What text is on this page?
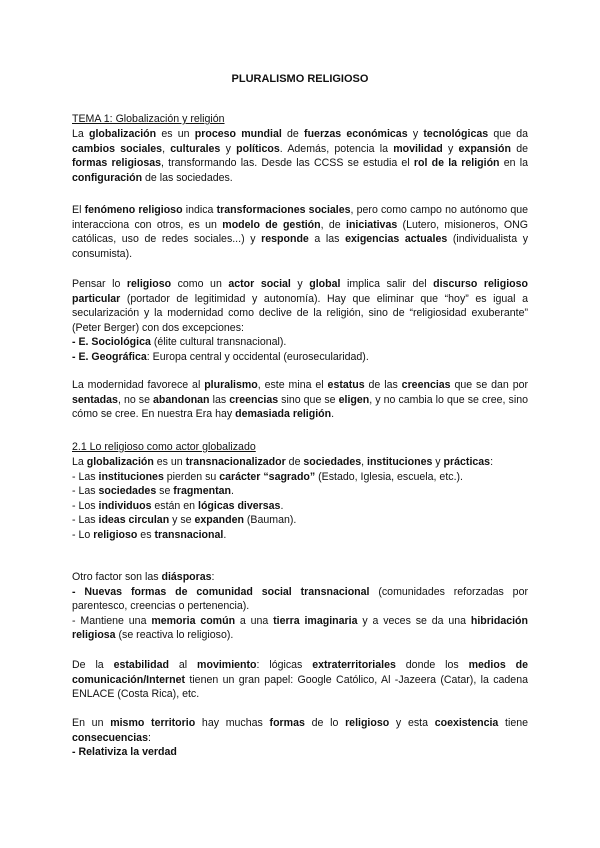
PLURALISMO RELIGIOSO
TEMA 1: Globalización y religión

La globalización es un proceso mundial de fuerzas económicas y tecnológicas que da cambios sociales, culturales y políticos. Además, potencia la movilidad y expansión de formas religiosas, transformando las. Desde las CCSS se estudia el rol de la religión en la configuración de las sociedades.

El fenómeno religioso indica transformaciones sociales, pero como campo no autónomo que interacciona con otros, es un modelo de gestión, de iniciativas (Lutero, misioneros, ONG católicas, uso de redes sociales...) y responde a las exigencias actuales (individualista y consumista).

Pensar lo religioso como un actor social y global implica salir del discurso religioso particular (portador de legitimidad y autonomía). Hay que eliminar que “hoy” es igual a secularización y la modernidad como declive de la religión, sino de “religiosidad exuberante” (Peter Berger) con dos excepciones:

- E. Sociológica (élite cultural transnacional).

- E. Geográfica: Europa central y occidental (eurosecularidad).

La modernidad favorece al pluralismo, este mina el estatus de las creencias que se dan por sentadas, no se abandonan las creencias sino que se eligen, y no cambia lo que se cree, sino cómo se cree. En nuestra Era hay demasiada religión.

2.1 Lo religioso como actor globalizado

La globalización es un transnacionalizador de sociedades, instituciones y prácticas:

- Las instituciones pierden su carácter “sagrado” (Estado, Iglesia, escuela, etc.).

- Las sociedades se fragmentan.

- Los individuos están en lógicas diversas.

- Las ideas circulan y se expanden (Bauman).

- Lo religioso es transnacional.

Otro factor son las diásporas:

- Nuevas formas de comunidad social transnacional (comunidades reforzadas por parentesco, creencias o pertenencia).

- Mantiene una memoria común a una tierra imaginaria y a veces se da una hibridación religiosa (se reactiva lo religioso).

De la estabilidad al movimiento: lógicas extraterritoriales donde los medios de comunicación/Internet tienen un gran papel: Google Católico, Al -Jazeera (Catar), la cadena ENLACE (Costa Rica), etc.

En un mismo territorio hay muchas formas de lo religioso y esta coexistencia tiene consecuencias:

- Relativiza la verdad
